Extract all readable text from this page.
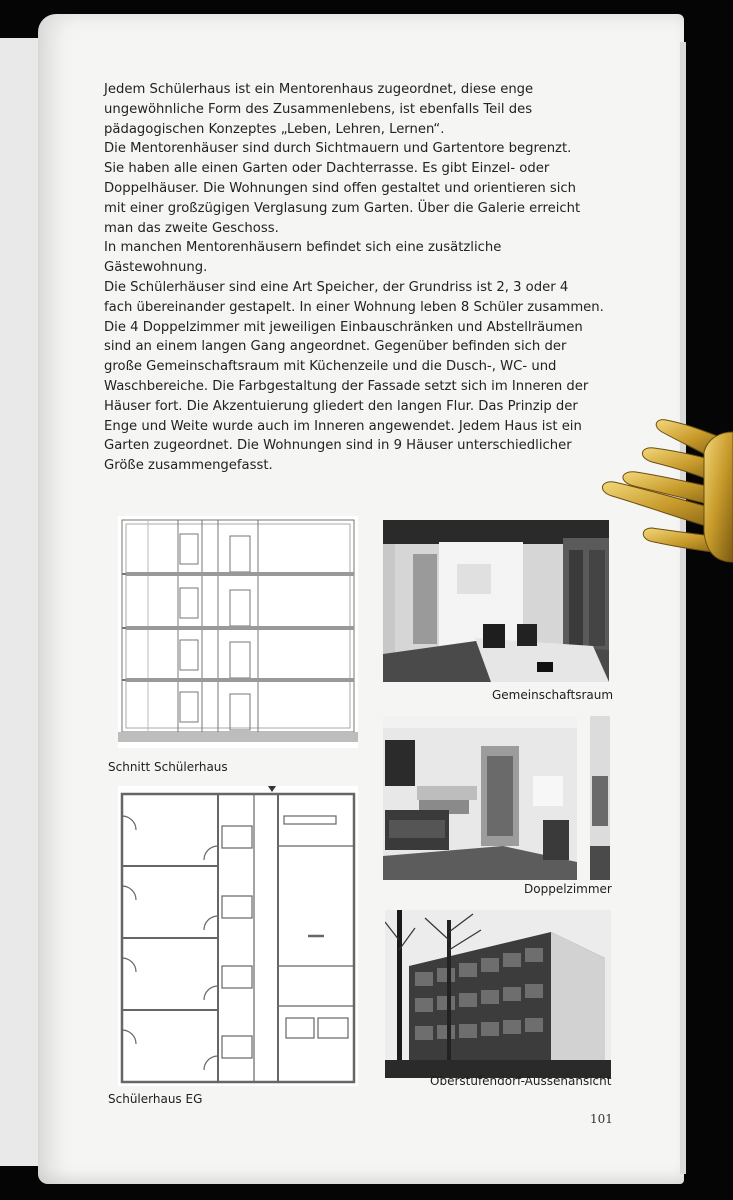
Jedem Schülerhaus ist ein Mentorenhaus zugeordnet, diese enge
ungewöhnliche Form des Zusammenlebens, ist ebenfalls Teil des
pädagogischen Konzeptes „Leben, Lehren, Lernen“.
Die Mentorenhäuser sind durch Sichtmauern und Gartentore begrenzt.
Sie haben alle einen Garten oder Dachterrasse. Es gibt Einzel- oder
Doppelhäuser. Die Wohnungen sind offen gestaltet und orientieren sich
mit einer großzügigen Verglasung zum Garten. Über die Galerie erreicht
man das zweite Geschoss.
In manchen Mentorenhäusern befindet sich eine zusätzliche
Gästewohnung.
Die Schülerhäuser sind eine Art Speicher, der Grundriss ist 2, 3 oder 4
fach übereinander gestapelt. In einer Wohnung leben 8 Schüler zusammen.
Die 4 Doppelzimmer mit jeweiligen Einbauschränken und Abstellräumen
sind an einem langen Gang angeordnet. Gegenüber befinden sich der
große Gemeinschaftsraum mit Küchenzeile und die Dusch-, WC- und
Waschbereiche. Die Farbgestaltung der Fassade setzt sich im Inneren der
Häuser fort. Die Akzentuierung gliedert den langen Flur. Das Prinzip der
Enge und Weite wurde auch im Inneren angewendet. Jedem Haus ist ein
Garten zugeordnet. Die Wohnungen sind in 9 Häuser unterschiedlicher
Größe zusammengefasst.

Schnitt Schülerhaus
Schülerhaus EG
Gemeinschaftsraum
Doppelzimmer
Oberstufendorf-Aussenansicht
101
